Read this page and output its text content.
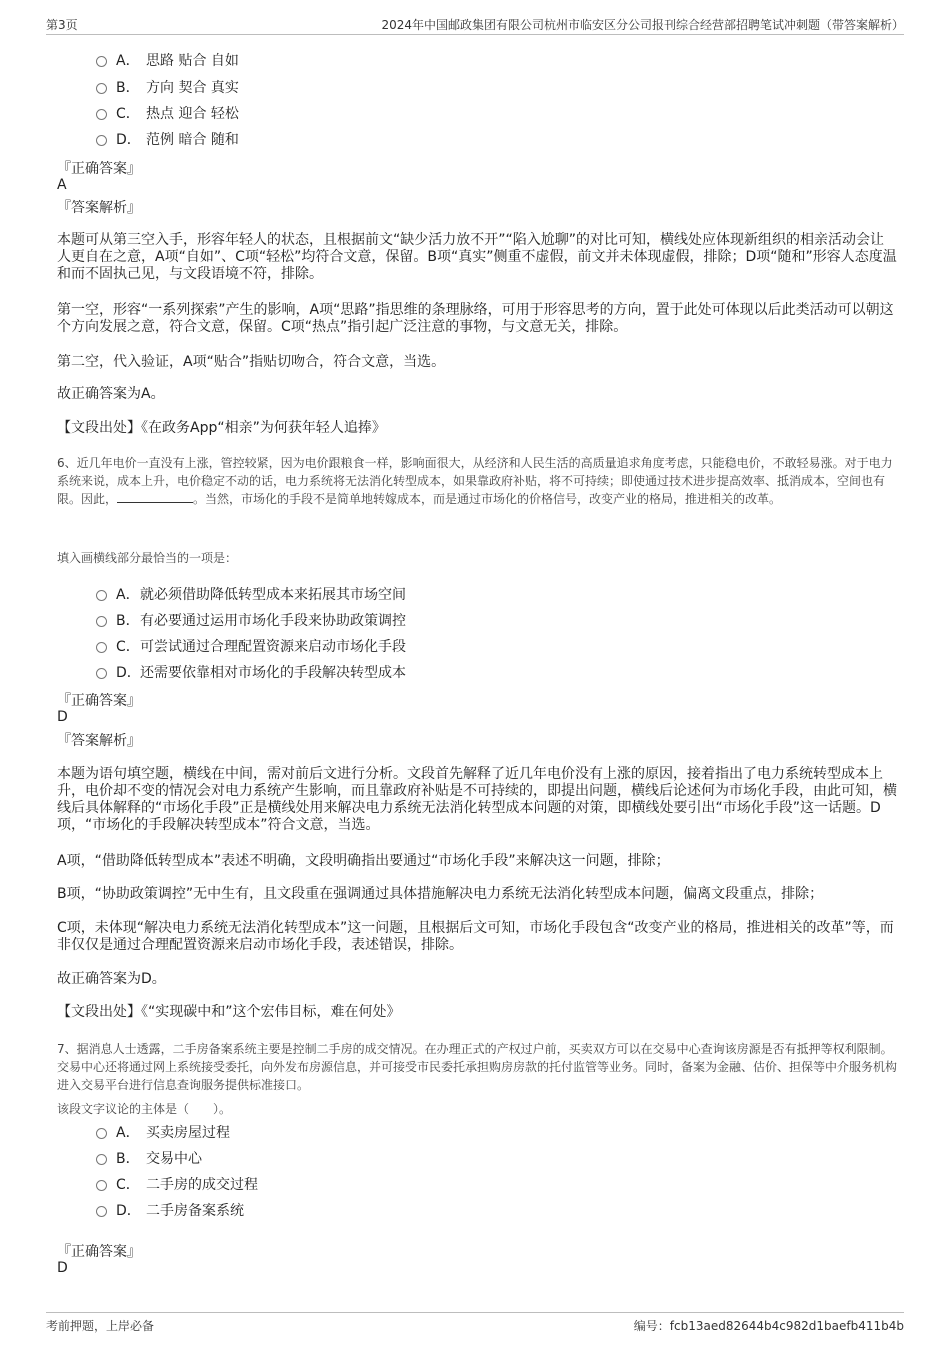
第3页	2024年中国邮政集团有限公司杭州市临安区分公司报刊综合经营部招聘笔试冲刺题（带答案解析）
A． 思路 贴合 自如
B． 方向 契合 真实
C． 热点 迎合 轻松
D． 范例 暗合 随和
『正确答案』
A
『答案解析』
本题可从第三空入手，形容年轻人的状态，且根据前文“缺少活力放不开”“陷入尬聊”的对比可知，横线处应体现新组织的相亲活动会让人更自在之意，A项“自如”、C项“轻松”均符合文意，保留。B项“真实”侧重不虚假，前文并未体现虚假，排除；D项“随和”形容人态度温和而不固执己见，与文段语境不符，排除。
第一空，形容“一系列探索”产生的影响，A项“思路”指思维的条理脉络，可用于形容思考的方向，置于此处可体现以后此类活动可以朝这个方向发展之意，符合文意，保留。C项“热点”指引起广泛注意的事物，与文意无关，排除。
第二空，代入验证，A项“贴合”指贴切吻合，符合文意，当选。
故正确答案为A。
【文段出处】《在政务App“相亲”为何获年轻人追捧》
6、近几年电价一直没有上涨，管控较紧，因为电价跟粮食一样，影响面很大，从经济和人民生活的高质量追求角度考虑，只能稳电价，不敢轻易涨。对于电力系统来说，成本上升，电价稳定不动的话，电力系统将无法消化转型成本，如果靠政府补贴，将不可持续；即使通过技术进步提高效率、抵消成本，空间也有限。因此，	。当然，市场化的手段不是简单地转嫁成本，而是通过市场化的价格信号，改变产业的格局，推进相关的改革。
填入画横线部分最恰当的一项是：
A．就必须借助降低转型成本来拓展其市场空间
B．有必要通过运用市场化手段来协助政策调控
C．可尝试通过合理配置资源来启动市场化手段
D．还需要依靠相对市场化的手段解决转型成本
『正确答案』
D
『答案解析』
本题为语句填空题，横线在中间，需对前后文进行分析。文段首先解释了近几年电价没有上涨的原因，接着指出了电力系统转型成本上升，电价却不变的情况会对电力系统产生影响，而且靠政府补贴是不可持续的，即提出问题，横线后论述何为市场化手段，由此可知，横线后具体解释的“市场化手段”正是横线处用来解决电力系统无法消化转型成本问题的对策，即横线处要引出“市场化手段”这一话题。D项，“市场化的手段解决转型成本”符合文意，当选。
A项，“借助降低转型成本”表述不明确，文段明确指出要通过“市场化手段”来解决这一问题，排除；
B项，“协助政策调控”无中生有，且文段重在强调通过具体措施解决电力系统无法消化转型成本问题，偏离文段重点，排除；
C项，未体现“解决电力系统无法消化转型成本”这一问题，且根据后文可知，市场化手段包含“改变产业的格局，推进相关的改革”等，而非仅仅是通过合理配置资源来启动市场化手段，表述错误，排除。
故正确答案为D。
【文段出处】《“实现碳中和”这个宏伟目标，难在何处》
7、据消息人士透露，二手房备案系统主要是控制二手房的成交情况。在办理正式的产权过户前，买卖双方可以在交易中心查询该房源是否有抵押等权利限制。交易中心还将通过网上系统接受委托，向外发布房源信息，并可接受市民委托承担购房房款的托付监管等业务。同时，备案为金融、估价、担保等中介服务机构进入交易平台进行信息查询服务提供标准接口。
该段文字议论的主体是（　　）。
A． 买卖房屋过程
B． 交易中心
C． 二手房的成交过程
D． 二手房备案系统
『正确答案』
D
考前押题，上岸必备	编号：fcb13aed82644b4c982d1baefb411b4b
